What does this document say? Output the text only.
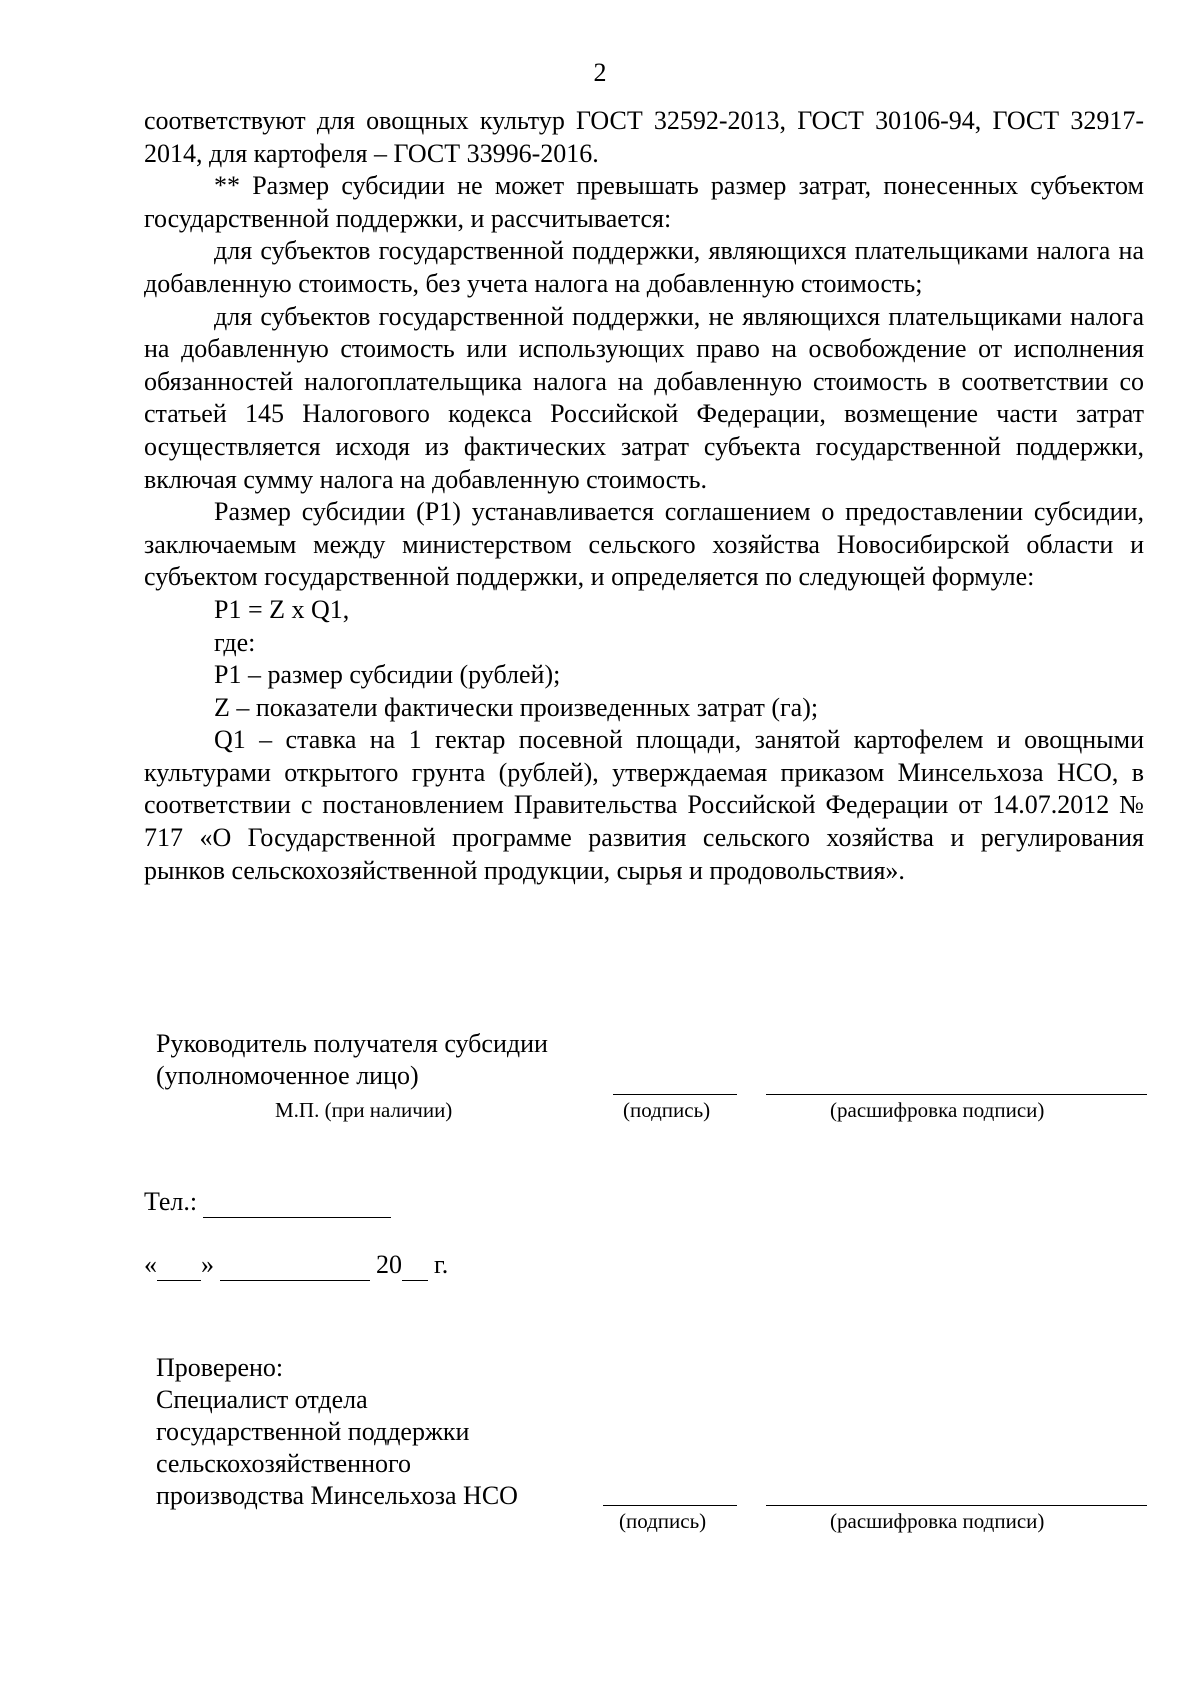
2

соответствуют для овощных культур ГОСТ 32592-2013, ГОСТ 30106-94, ГОСТ 32917-2014, для картофеля – ГОСТ 33996-2016.

** Размер субсидии не может превышать размер затрат, понесенных субъектом государственной поддержки, и рассчитывается:

для субъектов государственной поддержки, являющихся плательщиками налога на добавленную стоимость, без учета налога на добавленную стоимость;

для субъектов государственной поддержки, не являющихся плательщиками налога на добавленную стоимость или использующих право на освобождение от исполнения обязанностей налогоплательщика налога на добавленную стоимость в соответствии со статьей 145 Налогового кодекса Российской Федерации, возмещение части затрат осуществляется исходя из фактических затрат субъекта государственной поддержки, включая сумму налога на добавленную стоимость.

Размер субсидии (Р1) устанавливается соглашением о предоставлении субсидии, заключаемым между министерством сельского хозяйства Новосибирской области и субъектом государственной поддержки, и определяется по следующей формуле:

Р1 = Z x Q1,

где:

Р1 – размер субсидии (рублей);

Z – показатели фактически произведенных затрат (га);

Q1 – ставка на 1 гектар посевной площади, занятой картофелем и овощными культурами открытого грунта (рублей), утверждаемая приказом Минсельхоза НСО, в соответствии с постановлением Правительства Российской Федерации от 14.07.2012 № 717 «О Государственной программе развития сельского хозяйства и регулирования рынков сельскохозяйственной продукции, сырья и продовольствия».

Руководитель получателя субсидии
(уполномоченное лицо)
М.П. (при наличии)	(подпись)	(расшифровка подписи)
Тел.:
« »	20 г.
Проверено:
Специалист отдела
государственной поддержки
сельскохозяйственного
производства Минсельхоза НСО
(подпись)	(расшифровка подписи)
